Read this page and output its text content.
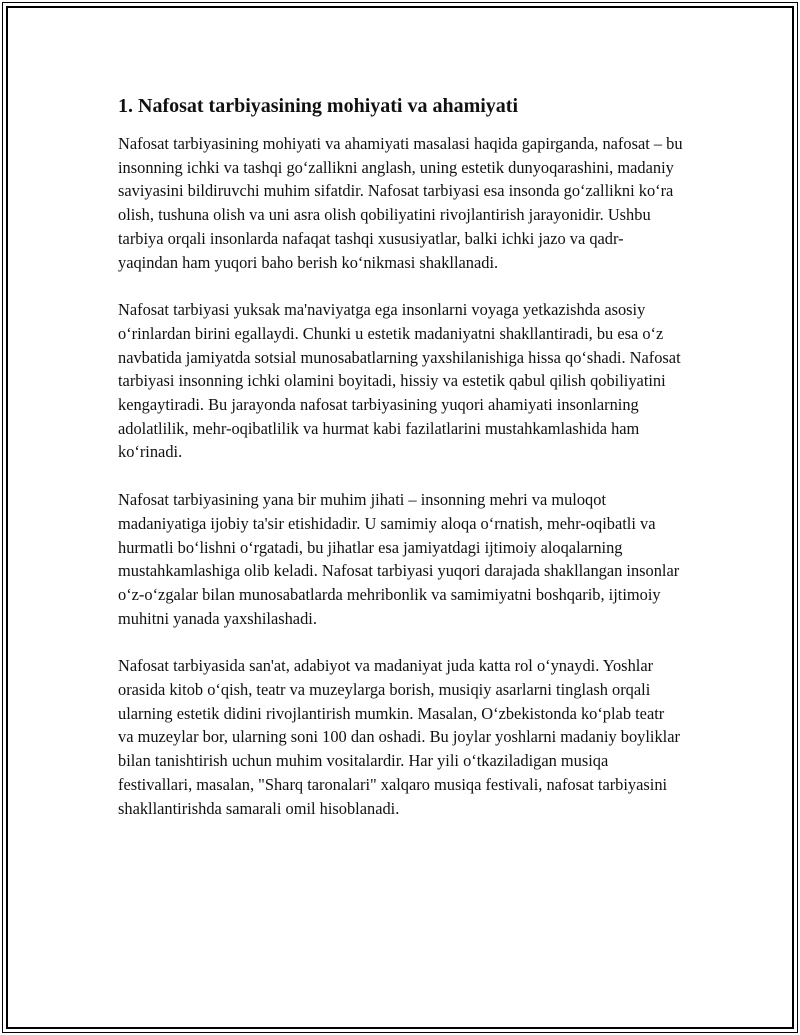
1. Nafosat tarbiyasining mohiyati va ahamiyati

Nafosat tarbiyasining mohiyati va ahamiyati masalasi haqida gapirganda, nafosat – bu insonning ichki va tashqi go‘zallikni anglash, uning estetik dunyoqarashini, madaniy saviyasini bildiruvchi muhim sifatdir. Nafosat tarbiyasi esa insonda go‘zallikni ko‘ra olish, tushuna olish va uni asra olish qobiliyatini rivojlantirish jarayonidir. Ushbu tarbiya orqali insonlarda nafaqat tashqi xususiyatlar, balki ichki jazo va qadr-yaqindan ham yuqori baho berish ko‘nikmasi shakllanadi.

Nafosat tarbiyasi yuksak ma'naviyatga ega insonlarni voyaga yetkazishda asosiy o‘rinlardan birini egallaydi. Chunki u estetik madaniyatni shakllantiradi, bu esa o‘z navbatida jamiyatda sotsial munosabatlarning yaxshilanishiga hissa qo‘shadi. Nafosat tarbiyasi insonning ichki olamini boyitadi, hissiy va estetik qabul qilish qobiliyatini kengaytiradi. Bu jarayonda nafosat tarbiyasining yuqori ahamiyati insonlarning adolatlilik, mehr-oqibatlilik va hurmat kabi fazilatlarini mustahkamlashida ham ko‘rinadi.

Nafosat tarbiyasining yana bir muhim jihati – insonning mehri va muloqot madaniyatiga ijobiy ta'sir etishidadir. U samimiy aloqa o‘rnatish, mehr-oqibatli va hurmatli bo‘lishni o‘rgatadi, bu jihatlar esa jamiyatdagi ijtimoiy aloqalarning mustahkamlashiga olib keladi. Nafosat tarbiyasi yuqori darajada shakllangan insonlar o‘z-o‘zgalar bilan munosabatlarda mehribonlik va samimiyatni boshqarib, ijtimoiy muhitni yanada yaxshilashadi.

Nafosat tarbiyasida san'at, adabiyot va madaniyat juda katta rol o‘ynaydi. Yoshlar orasida kitob o‘qish, teatr va muzeylarga borish, musiqiy asarlarni tinglash orqali ularning estetik didini rivojlantirish mumkin. Masalan, O‘zbekistonda ko‘plab teatr va muzeylar bor, ularning soni 100 dan oshadi. Bu joylar yoshlarni madaniy boyliklar bilan tanishtirish uchun muhim vositalardir. Har yili o‘tkaziladigan musiqa festivallari, masalan, "Sharq taronalari" xalqaro musiqa festivali, nafosat tarbiyasini shakllantirishda samarali omil hisoblanadi.
